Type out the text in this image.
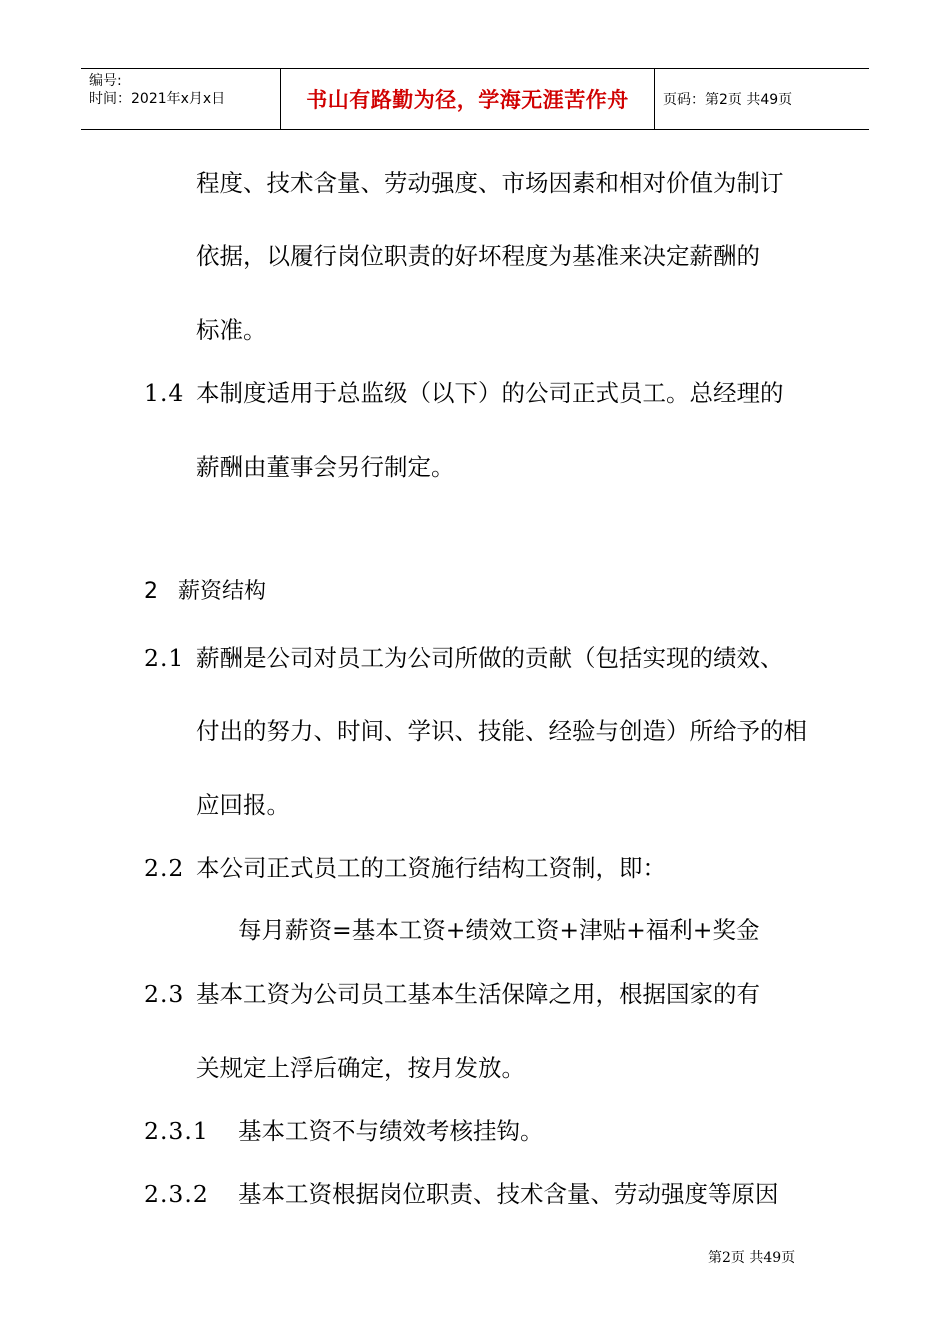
编号:
时间：2021年x月x日	书山有路勤为径，学海无涯苦作舟 页码：第2页 共49页
程度、技术含量、劳动强度、市场因素和相对价值为制订
依据，以履行岗位职责的好坏程度为基准来决定薪酬的
标准。
1.4 本制度适用于总监级（以下）的公司正式员工。总经理的
薪酬由董事会另行制定。
2 薪资结构
2.1 薪酬是公司对员工为公司所做的贡献（包括实现的绩效、
付出的努力、时间、学识、技能、经验与创造）所给予的相
应回报。
2.2 本公司正式员工的工资施行结构工资制，即：
每月薪资=基本工资+绩效工资+津贴+福利+奖金
2.3 基本工资为公司员工基本生活保障之用，根据国家的有
关规定上浮后确定，按月发放。
2.3.1 基本工资不与绩效考核挂钩。
2.3.2 基本工资根据岗位职责、技术含量、劳动强度等原因
第2页 共49页
